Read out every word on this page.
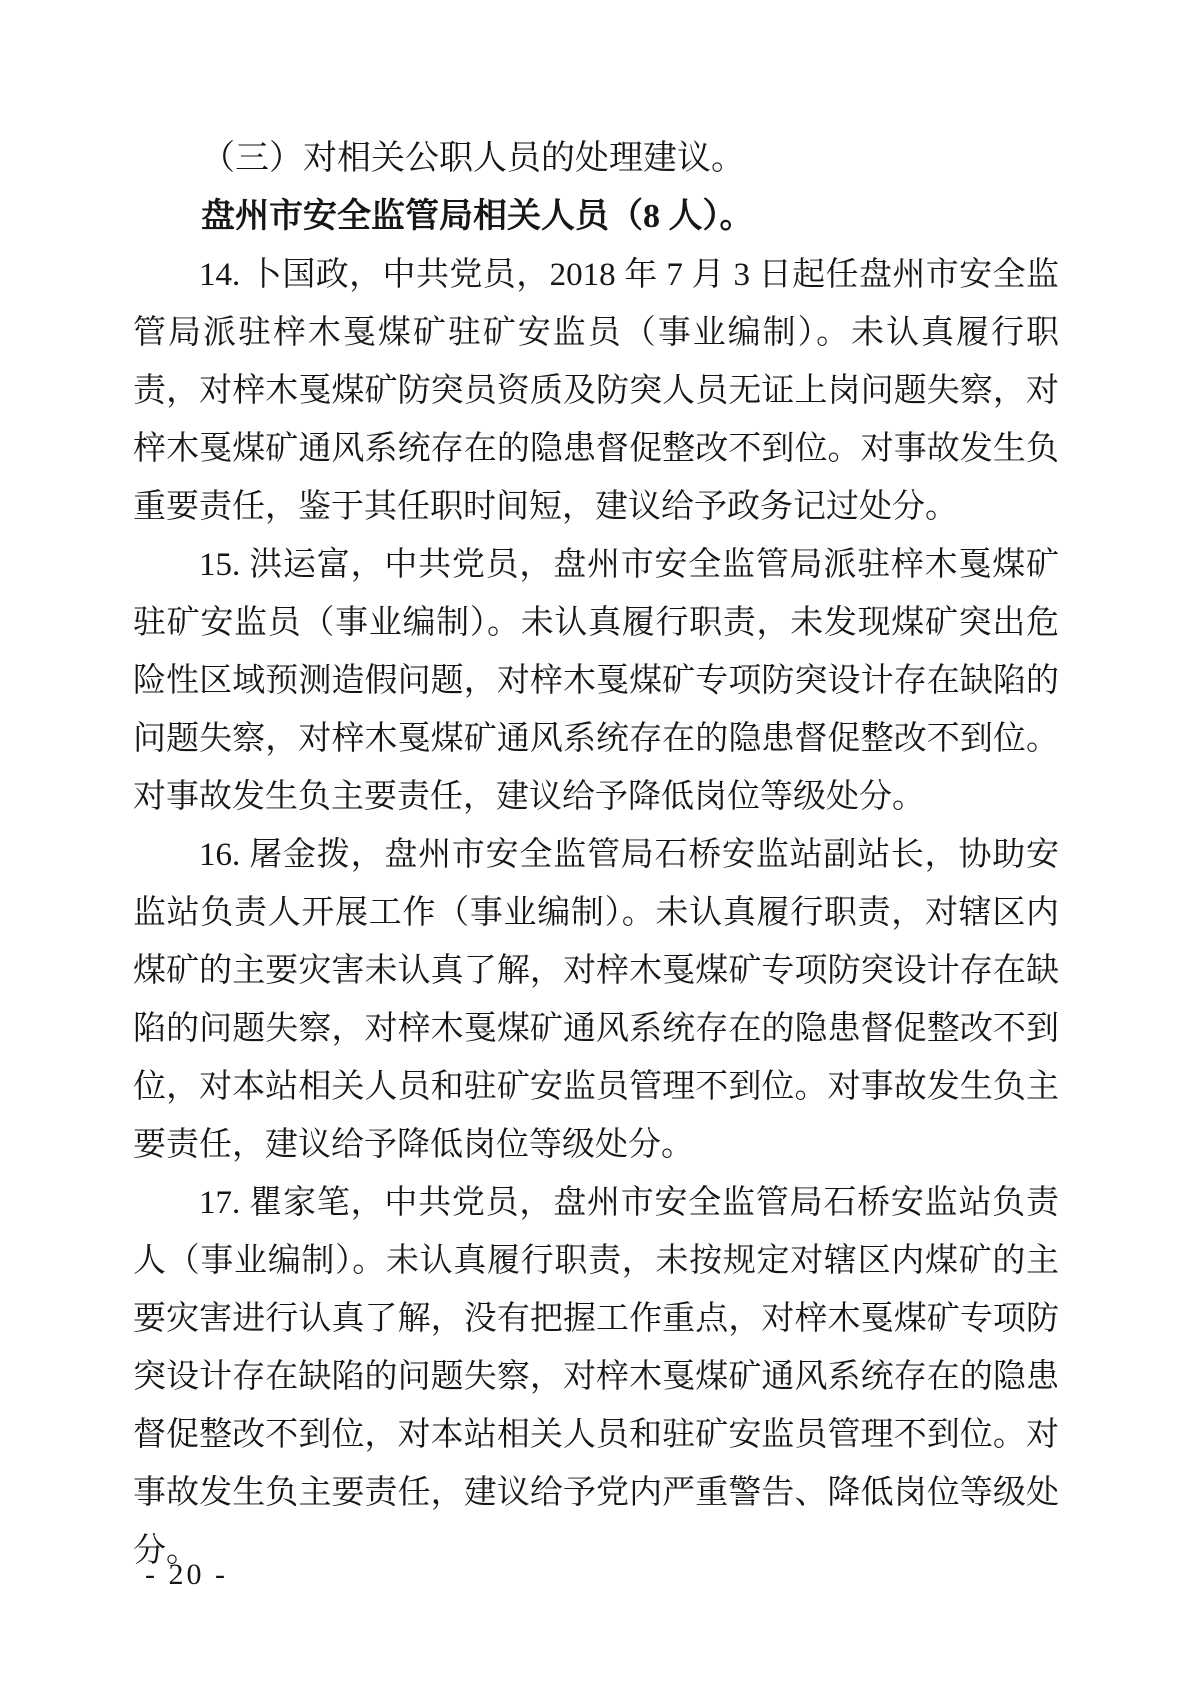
（三）对相关公职人员的处理建议。
盘州市安全监管局相关人员（8 人）。

14. 卜国政，中共党员，2018 年 7 月 3 日起任盘州市安全监管局派驻梓木戛煤矿驻矿安监员（事业编制）。未认真履行职责，对梓木戛煤矿防突员资质及防突人员无证上岗问题失察，对梓木戛煤矿通风系统存在的隐患督促整改不到位。对事故发生负重要责任，鉴于其任职时间短，建议给予政务记过处分。

15. 洪运富，中共党员，盘州市安全监管局派驻梓木戛煤矿驻矿安监员（事业编制）。未认真履行职责，未发现煤矿突出危险性区域预测造假问题，对梓木戛煤矿专项防突设计存在缺陷的问题失察，对梓木戛煤矿通风系统存在的隐患督促整改不到位。对事故发生负主要责任，建议给予降低岗位等级处分。

16. 屠金拨，盘州市安全监管局石桥安监站副站长，协助安监站负责人开展工作（事业编制）。未认真履行职责，对辖区内煤矿的主要灾害未认真了解，对梓木戛煤矿专项防突设计存在缺陷的问题失察，对梓木戛煤矿通风系统存在的隐患督促整改不到位，对本站相关人员和驻矿安监员管理不到位。对事故发生负主要责任，建议给予降低岗位等级处分。

17. 瞿家笔，中共党员，盘州市安全监管局石桥安监站负责人（事业编制）。未认真履行职责，未按规定对辖区内煤矿的主要灾害进行认真了解，没有把握工作重点，对梓木戛煤矿专项防突设计存在缺陷的问题失察，对梓木戛煤矿通风系统存在的隐患督促整改不到位，对本站相关人员和驻矿安监员管理不到位。对事故发生负主要责任，建议给予党内严重警告、降低岗位等级处分。

- 20 -
